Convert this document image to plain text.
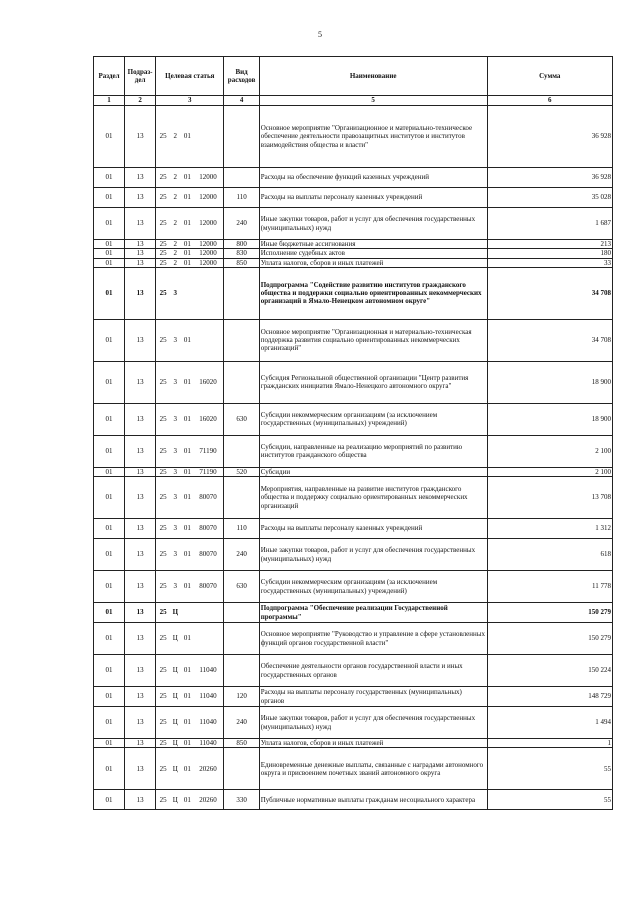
5
Раздел	Подраз-дел	Целевая статья	Вид расходов	Наименование	Сумма
1	2	3	4	5	6
01	13	25 2 01		Основное мероприятие "Организационное и материально-техническое обеспечение деятельности правозащитных институтов и институтов взаимодействия общества и власти"	36 928
01	13	25 2 01 12000		Расходы на обеспечение функций казенных учреждений	36 928
01	13	25 2 01 12000	110	Расходы на выплаты персоналу казенных учреждений	35 028
01	13	25 2 01 12000	240	Иные закупки товаров, работ и услуг для обеспечения государственных (муниципальных) нужд	1 687
01	13	25 2 01 12000	800	Иные бюджетные ассигнования	213
01	13	25 2 01 12000	830	Исполнение судебных актов	180
01	13	25 2 01 12000	850	Уплата налогов, сборов и иных платежей	33
01	13	25 3		Подпрограмма "Содействие развитию институтов гражданского общества и поддержки социально ориентированных некоммерческих организаций в Ямало-Ненецком автономном округе"	34 708
01	13	25 3 01		Основное мероприятие "Организационная и материально-техническая поддержка развития социально ориентированных некоммерческих организаций"	34 708
01	13	25 3 01 16020		Субсидия Региональной общественной организации "Центр развития гражданских инициатив Ямало-Ненецкого автономного округа"	18 900
01	13	25 3 01 16020	630	Субсидии некоммерческим организациям (за исключением государственных (муниципальных) учреждений)	18 900
01	13	25 3 01 71190		Субсидии, направленные на реализацию мероприятий по развитию институтов гражданского общества	2 100
01	13	25 3 01 71190	520	Субсидии	2 100
01	13	25 3 01 80070		Мероприятия, направленные на развитие институтов гражданского общества и поддержку социально ориентированных некоммерческих организаций	13 708
01	13	25 3 01 80070	110	Расходы на выплаты персоналу казенных учреждений	1 312
01	13	25 3 01 80070	240	Иные закупки товаров, работ и услуг для обеспечения государственных (муниципальных) нужд	618
01	13	25 3 01 80070	630	Субсидии некоммерческим организациям (за исключением государственных (муниципальных) учреждений)	11 778
01	13	25 Ц		Подпрограмма "Обеспечение реализации Государственной программы"	150 279
01	13	25 Ц 01		Основное мероприятие "Руководство и управление в сфере установленных функций органов государственной власти"	150 279
01	13	25 Ц 01 11040		Обеспечение деятельности органов государственной власти и иных государственных органов	150 224
01	13	25 Ц 01 11040	120	Расходы на выплаты персоналу государственных (муниципальных) органов	148 729
01	13	25 Ц 01 11040	240	Иные закупки товаров, работ и услуг для обеспечения государственных (муниципальных) нужд	1 494
01	13	25 Ц 01 11040	850	Уплата налогов, сборов и иных платежей	1
01	13	25 Ц 01 20260		Единовременные денежные выплаты, связанные с наградами автономного округа и присвоением почетных званий автономного округа	55
01	13	25 Ц 01 20260	330	Публичные нормативные выплаты гражданам несоциального характера	55
